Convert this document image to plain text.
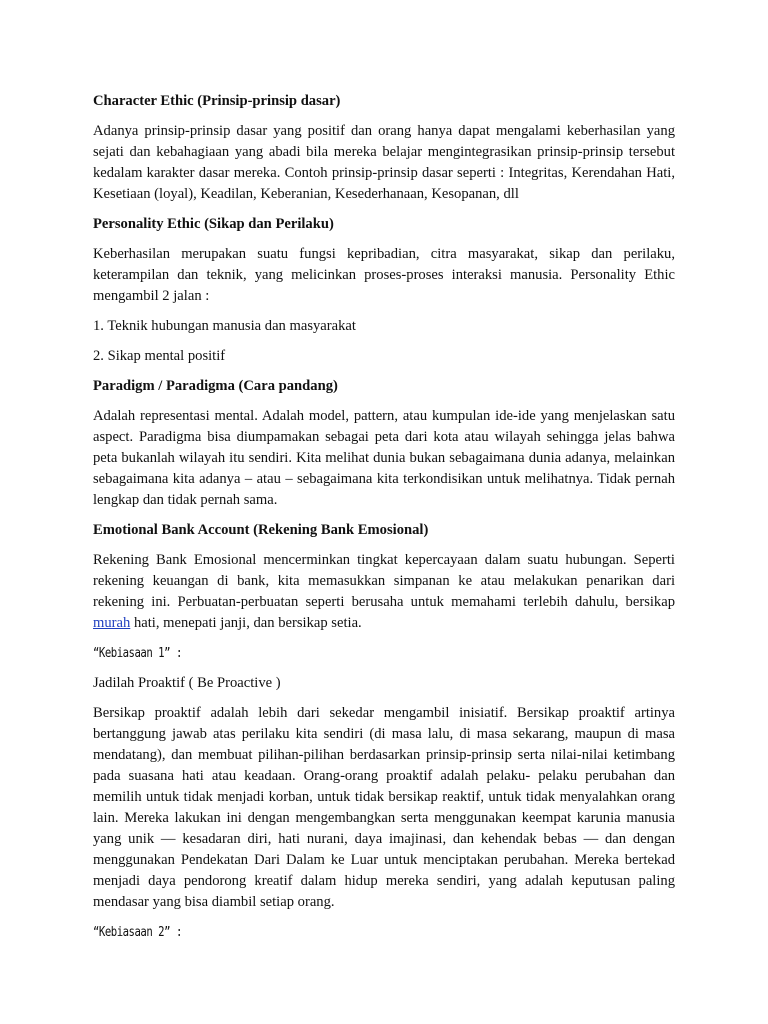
Character Ethic (Prinsip-prinsip dasar)

Adanya prinsip-prinsip dasar yang positif dan orang hanya dapat mengalami keberhasilan yang sejati dan kebahagiaan yang abadi bila mereka belajar mengintegrasikan prinsip-prinsip tersebut kedalam karakter dasar mereka. Contoh prinsip-prinsip dasar seperti : Integritas, Kerendahan Hati, Kesetiaan (loyal), Keadilan, Keberanian, Kesederhanaan, Kesopanan, dll

Personality Ethic (Sikap dan Perilaku)

Keberhasilan merupakan suatu fungsi kepribadian, citra masyarakat, sikap dan perilaku, keterampilan dan teknik, yang melicinkan proses-proses interaksi manusia. Personality Ethic mengambil 2 jalan :

1. Teknik hubungan manusia dan masyarakat

2. Sikap mental positif

Paradigm / Paradigma (Cara pandang)

Adalah representasi mental. Adalah model, pattern, atau kumpulan ide-ide yang menjelaskan satu aspect. Paradigma bisa diumpamakan sebagai peta dari kota atau wilayah sehingga jelas bahwa peta bukanlah wilayah itu sendiri. Kita melihat dunia bukan sebagaimana dunia adanya, melainkan sebagaimana kita adanya – atau – sebagaimana kita terkondisikan untuk melihatnya. Tidak pernah lengkap dan tidak pernah sama.

Emotional Bank Account (Rekening Bank Emosional)

Rekening Bank Emosional mencerminkan tingkat kepercayaan dalam suatu hubungan. Seperti rekening keuangan di bank, kita memasukkan simpanan ke atau melakukan penarikan dari rekening ini. Perbuatan-perbuatan seperti berusaha untuk memahami terlebih dahulu, bersikap murah hati, menepati janji, dan bersikap setia.

“Kebiasaan 1” :

Jadilah Proaktif ( Be Proactive )

Bersikap proaktif adalah lebih dari sekedar mengambil inisiatif. Bersikap proaktif artinya bertanggung jawab atas perilaku kita sendiri (di masa lalu, di masa sekarang, maupun di masa mendatang), dan membuat pilihan-pilihan berdasarkan prinsip-prinsip serta nilai-nilai ketimbang pada suasana hati atau keadaan. Orang-orang proaktif adalah pelaku- pelaku perubahan dan memilih untuk tidak menjadi korban, untuk tidak bersikap reaktif, untuk tidak menyalahkan orang lain. Mereka lakukan ini dengan mengembangkan serta menggunakan keempat karunia manusia yang unik — kesadaran diri, hati nurani, daya imajinasi, dan kehendak bebas — dan dengan menggunakan Pendekatan Dari Dalam ke Luar untuk menciptakan perubahan. Mereka bertekad menjadi daya pendorong kreatif dalam hidup mereka sendiri, yang adalah keputusan paling mendasar yang bisa diambil setiap orang.

“Kebiasaan 2” :
